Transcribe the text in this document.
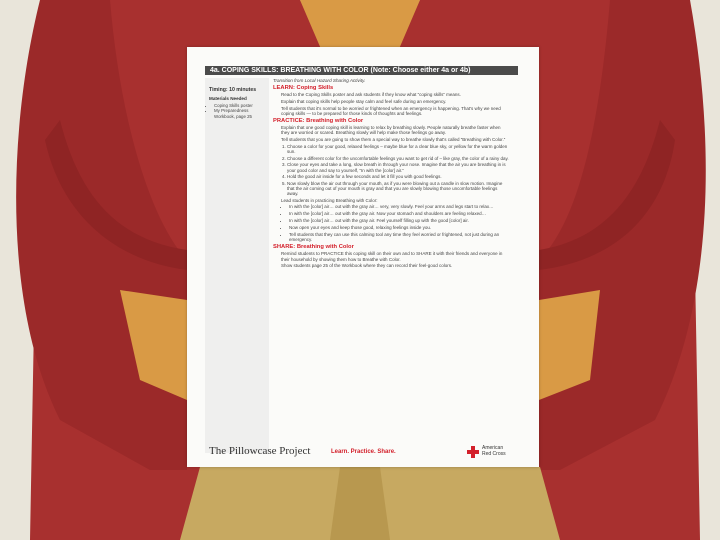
4a. COPING SKILLS: BREATHING WITH COLOR (Note: Choose either 4a or 4b)
Timing: 10 minutes
Materials Needed
• Coping Skills poster
• My Preparedness Workbook, page 25
Transition from Local Hazard Sharing Activity.
LEARN: Coping Skills
• Read to the Coping Skills poster and ask students if they know what “coping skills” means.
• Explain that coping skills help people stay calm and feel safe during an emergency.
• Tell students that it's normal to be worried or frightened when an emergency is happening. That's why we need coping skills — to be prepared for those kinds of thoughts and feelings.
PRACTICE: Breathing with Color
• Explain that one good coping skill is learning to relax by breathing slowly. People naturally breathe faster when they are worried or scared. Breathing slowly will help make those feelings go away.
• Tell students that you are going to show them a special way to breathe slowly that's called “Breathing with Color.”
1. Choose a color for your good, relaxed feelings – maybe blue for a clear blue sky, or yellow for the warm golden sun.
2. Choose a different color for the uncomfortable feelings you want to get rid of – like gray, the color of a rainy day.
3. Close your eyes and take a long, slow breath in through your nose. Imagine that the air you are breathing in is your good color and say to yourself, “In with the [color] air.”
4. Hold the good air inside for a few seconds and let it fill you with good feelings.
5. Now slowly blow the air out through your mouth, as if you were blowing out a candle in slow motion. Imagine that the air coming out of your mouth is gray and that you are slowly blowing those uncomfortable feelings away.
• Lead students in practicing Breathing with Color:
• In with the [color] air… out with the gray air… very, very slowly. Feel your arms and legs start to relax…
• In with the [color] air… out with the gray air. Now your stomach and shoulders are feeling relaxed…
• In with the [color] air… out with the gray air. Feel yourself filling up with the good [color] air.
• Now open your eyes and keep those good, relaxing feelings inside you.
• Tell students that they can use this calming tool any time they feel worried or frightened, not just during an emergency.
SHARE: Breathing with Color
• Remind students to PRACTICE this coping skill on their own and to SHARE it with their friends and everyone in their household by showing them how to Breathe with Color.
• Show students page 25 of the Workbook where they can record their feel-good colors.
The Pillowcase Project	Learn. Practice. Share.
American
Red Cross
